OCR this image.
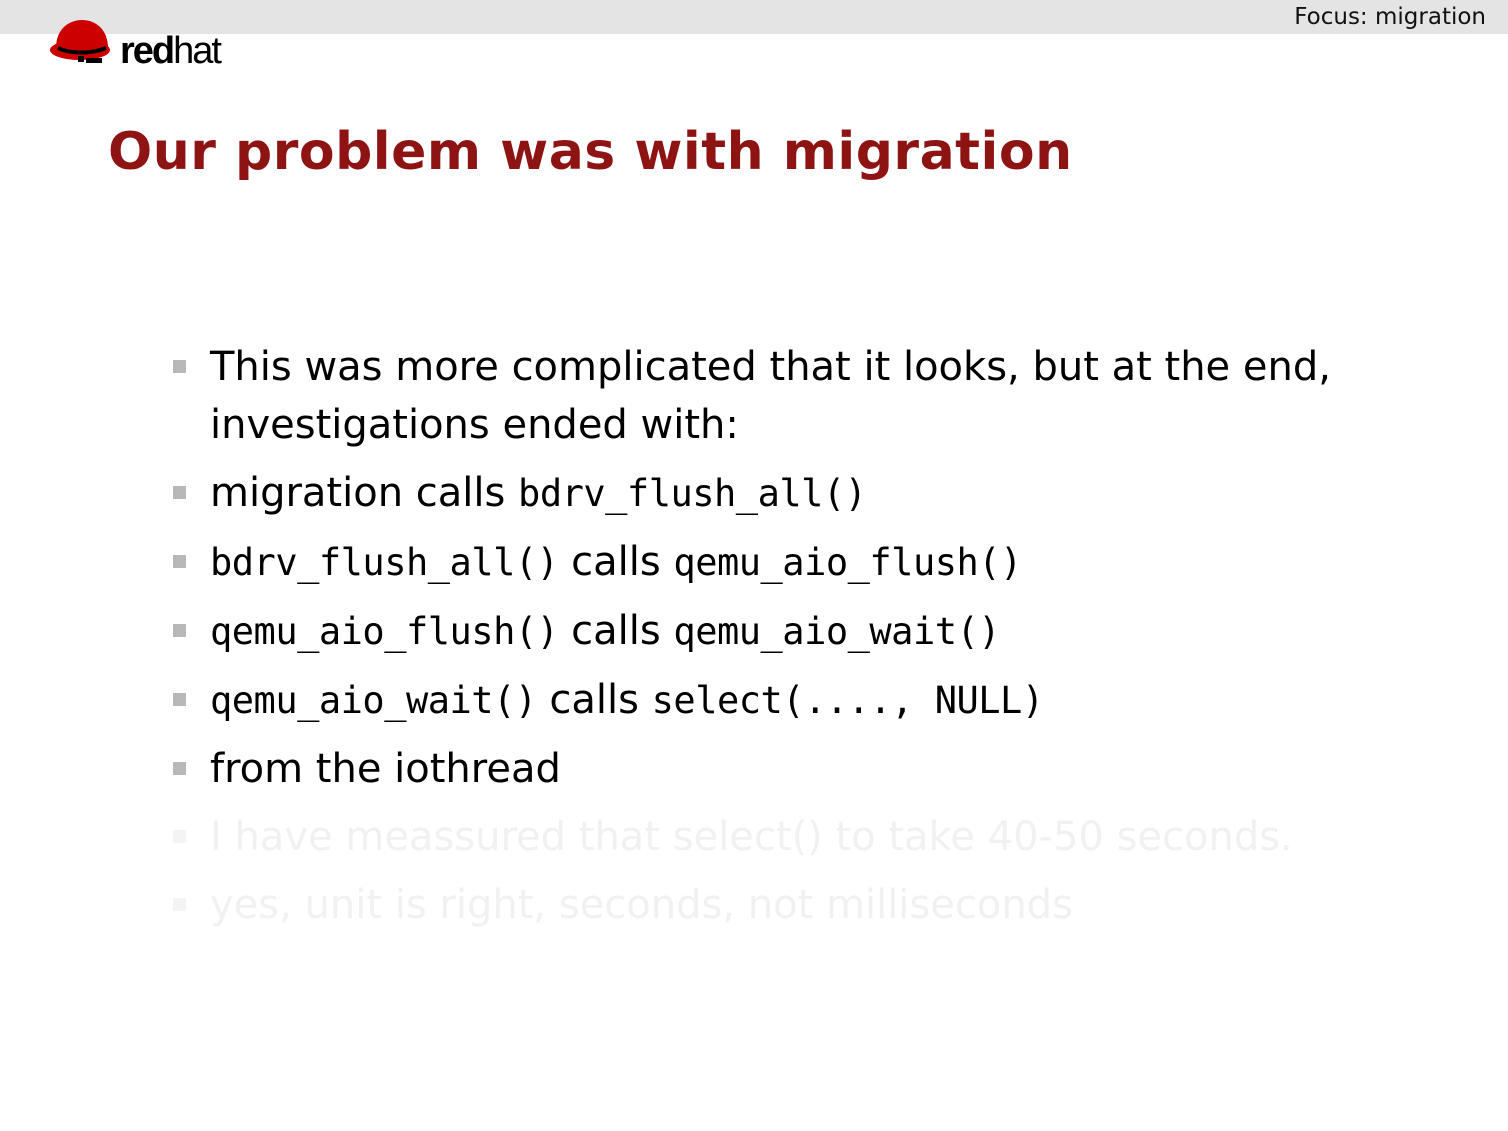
Focus: migration
redhat
Our problem was with migration
This was more complicated that it looks, but at the end, investigations ended with:
migration calls bdrv_flush_all()
bdrv_flush_all() calls qemu_aio_flush()
qemu_aio_flush() calls qemu_aio_wait()
qemu_aio_wait() calls select(...., NULL)
from the iothread
I have meassured that select() to take 40-50 seconds.
yes, unit is right, seconds, not milliseconds
